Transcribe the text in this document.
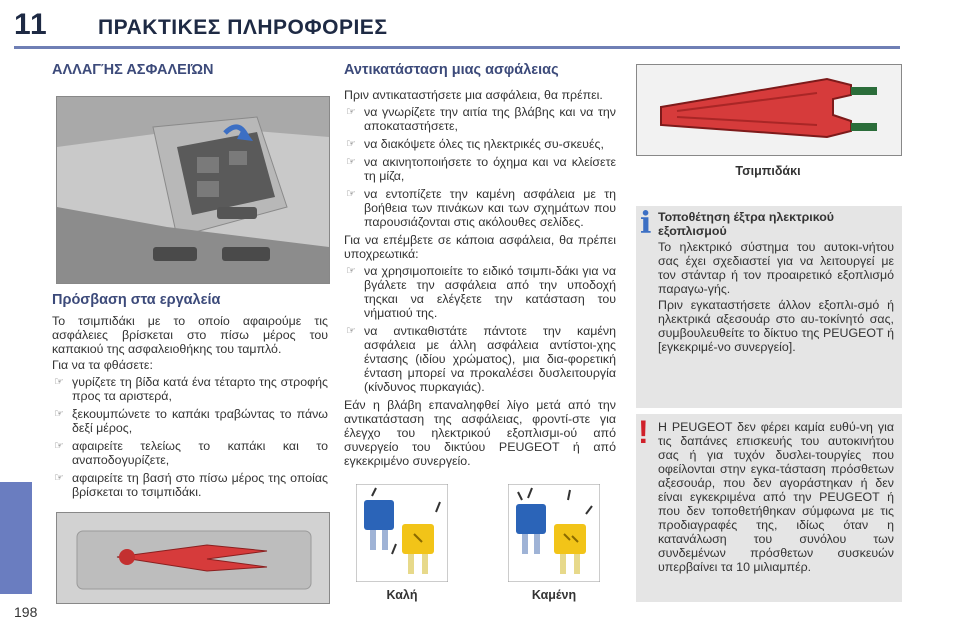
11 ΠΡΑΚΤΙΚΕΣ ΠΛΗΡΟΦΟΡΙΕΣ
198
ΑΛΛΑΓΉΣ ΑΣΦΑΛΕΙΏΝ
Πρόσβαση στα εργαλεία

Το τσιμπιδάκι με το οποίο αφαιρούμε τις ασφάλειες βρίσκεται στο πίσω μέρος του καπακιού της ασφαλειοθήκης του ταμπλό.

Για να τα φθάσετε:

☞ γυρίζετε τη βίδα κατά ένα τέταρτο της στροφής προς τα αριστερά,
☞ ξεκουμπώνετε το καπάκι τραβώντας το πάνω δεξί μέρος,
☞ αφαιρείτε τελείως το καπάκι και το αναποδογυρίζετε,
☞ αφαιρείτε τη βασή στο πίσω μέρος της οποίας βρίσκεται το τσιμπιδάκι.
Αντικατάσταση μιας ασφάλειας

Πριν αντικαταστήσετε μια ασφάλεια, θα πρέπει.

☞ να γνωρίζετε την αιτία της βλάβης και να την αποκαταστήσετε,
☞ να διακόψετε όλες τις ηλεκτρικές συ-σκευές,
☞ να ακινητοποιήσετε το όχημα και να κλείσετε τη μίζα,
☞ να εντοπίζετε την καμένη ασφάλεια με τη βοήθεια των πινάκων και των σχημάτων που παρουσιάζονται στις ακόλουθες σελίδες.

Για να επέμβετε σε κάποια ασφάλεια, θα πρέπει υποχρεωτικά:

☞ να χρησιμοποιείτε το ειδικό τσιμπι-δάκι για να βγάλετε την ασφάλεια από την υποδοχή τηςκαι να ελέγξετε την κατάσταση του νήματιού της.
☞ να αντικαθιστάτε πάντοτε την καμένη ασφάλεια με άλλη ασφάλεια αντίστοι-χης έντασης (ιδίου χρώματος), μια δια-φορετική ένταση μπορεί να προκαλέσει δυσλειτουργία (κίνδυνος πυρκαγιάς).

Εάν η βλάβη επαναληφθεί λίγο μετά από την αντικατάσταση της ασφάλειας, φροντί-στε για έλεγχο του ηλεκτρικού εξοπλισμι-ού από συνεργείο του δικτύου PEUGEOT ή από εγκεκριμένο συνεργείο.

Καλή	Καμένη
Τσιμπιδάκι
i Τοποθέτηση έξτρα ηλεκτρικού εξοπλισμού

Το ηλεκτρικό σύστημα του αυτοκι-νήτου σας έχει σχεδιαστεί για να λειτουργεί με τον στάνταρ ή τον προαιρετικό εξοπλισμό παραγω-γής.

Πριν εγκαταστήσετε άλλον εξοπλι-σμό ή ηλεκτρικά αξεσουάρ στο αυ-τοκίνητό σας, συμβουλευθείτε το δίκτυο της PEUGEOT ή [εγκεκριμέ-νο συνεργείο].

! Η PEUGEOT δεν φέρει καμία ευθύ-νη για τις δαπάνες επισκευής του αυτοκινήτου σας ή για τυχόν δυσλει-τουργίες που οφείλονται στην εγκα-τάσταση πρόσθετων αξεσουάρ, που δεν αγοράστηκαν ή δεν είναι εγκεκριμένα από την PEUGEOT ή που δεν τοποθετήθηκαν σύμφωνα με τις προδιαγραφές της, ιδίως όταν η κατανάλωση του συνόλου των συνδεμένων πρόσθετων συσκευών υπερβαίνει τα 10 μιλιαμπέρ.
